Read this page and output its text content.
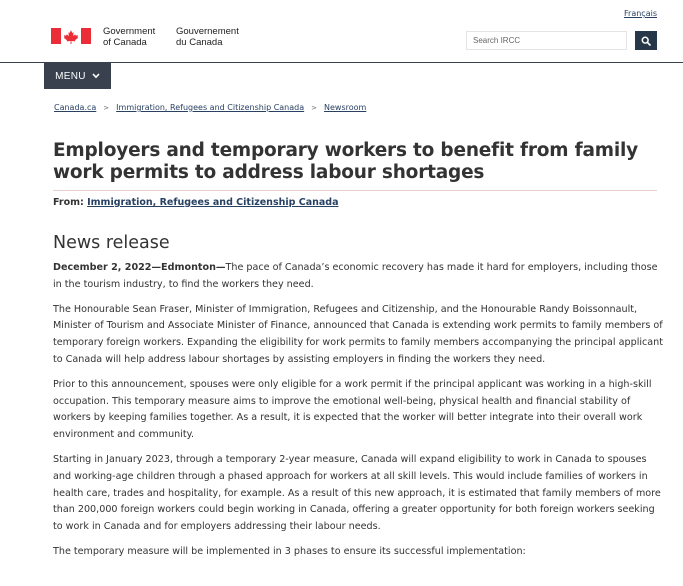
Français
Government
of Canada
Gouvernement
du Canada
Search IRCC
MENU
Canada.ca > Immigration, Refugees and Citizenship Canada > Newsroom
Employers and temporary workers to benefit from family work permits to address labour shortages
From: Immigration, Refugees and Citizenship Canada
News release

December 2, 2022—Edmonton—The pace of Canada’s economic recovery has made it hard for employers, including those in the tourism industry, to find the workers they need.

The Honourable Sean Fraser, Minister of Immigration, Refugees and Citizenship, and the Honourable Randy Boissonnault, Minister of Tourism and Associate Minister of Finance, announced that Canada is extending work permits to family members of temporary foreign workers. Expanding the eligibility for work permits to family members accompanying the principal applicant to Canada will help address labour shortages by assisting employers in finding the workers they need.

Prior to this announcement, spouses were only eligible for a work permit if the principal applicant was working in a high-skill occupation. This temporary measure aims to improve the emotional well-being, physical health and financial stability of workers by keeping families together. As a result, it is expected that the worker will better integrate into their overall work environment and community.

Starting in January 2023, through a temporary 2-year measure, Canada will expand eligibility to work in Canada to spouses and working-age children through a phased approach for workers at all skill levels. This would include families of workers in health care, trades and hospitality, for example. As a result of this new approach, it is estimated that family members of more than 200,000 foreign workers could begin working in Canada, offering a greater opportunity for both foreign workers seeking to work in Canada and for employers addressing their labour needs.

The temporary measure will be implemented in 3 phases to ensure its successful implementation:
